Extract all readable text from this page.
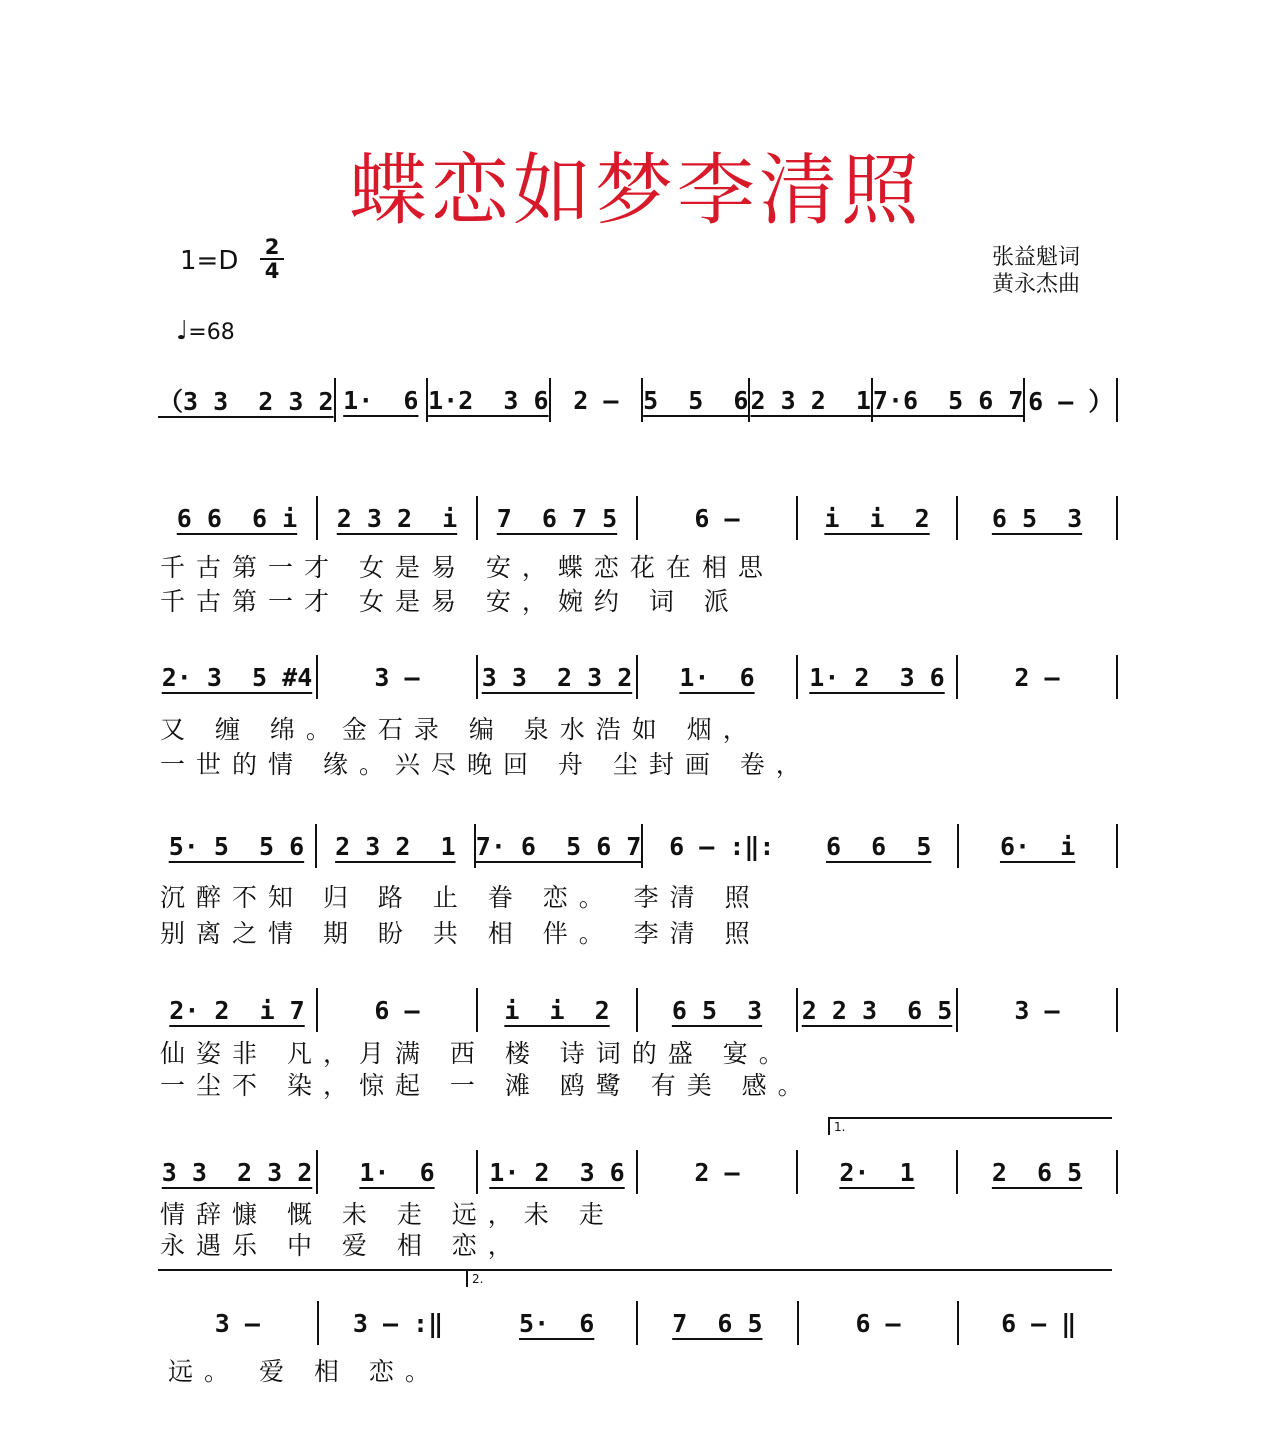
蝶恋如梦李清照
1=D 2
4
张益魁词
黄永杰曲
♩=68
（3 3  2 3 2 1·  6 1·2  3 6 2 – 5  5  6 2 3 2  1 7·6  5 6 7 6 – ）
6 6  6 i	2 3 2  i	7  6 7 5	6 –	i  i  2	6 5  3
千古第一才 女是易 安，蝶恋花在相思
千古第一才 女是易 安，婉约 词 派
2· 3  5 #4	3 –	3 3  2 3 2	1·  6	1· 2  3 6	2 –
又 缠 绵。金石录 编 泉水浩如 烟，
一世的情 缘。兴尽晚回 舟 尘封画 卷，
5· 5  5 6	2 3 2  1 7· 6  5 6 7	6 – :‖:	6  6  5	6·  i
沉醉不知 归 路 止 眷 恋。 李清 照
别离之情 期 盼 共 相 伴。 李清 照
2· 2  i 7	6 –	i  i  2	6 5  3	2 2 3  6 5	3 –
仙姿非 凡，月满 西 楼 诗词的盛 宴。
一尘不 染，惊起 一 滩 鸥鹭 有美 感。
1.
3 3  2 3 2	1·  6	1· 2  3 6	2 –	2·  1	2  6 5
情辞慷 慨 未 走 远，未 走
永遇乐 中 爱 相 恋，
2.
3 –	3 – :‖	5·  6	7  6 5	6 –	6 – ‖
远。 爱 相 恋。
